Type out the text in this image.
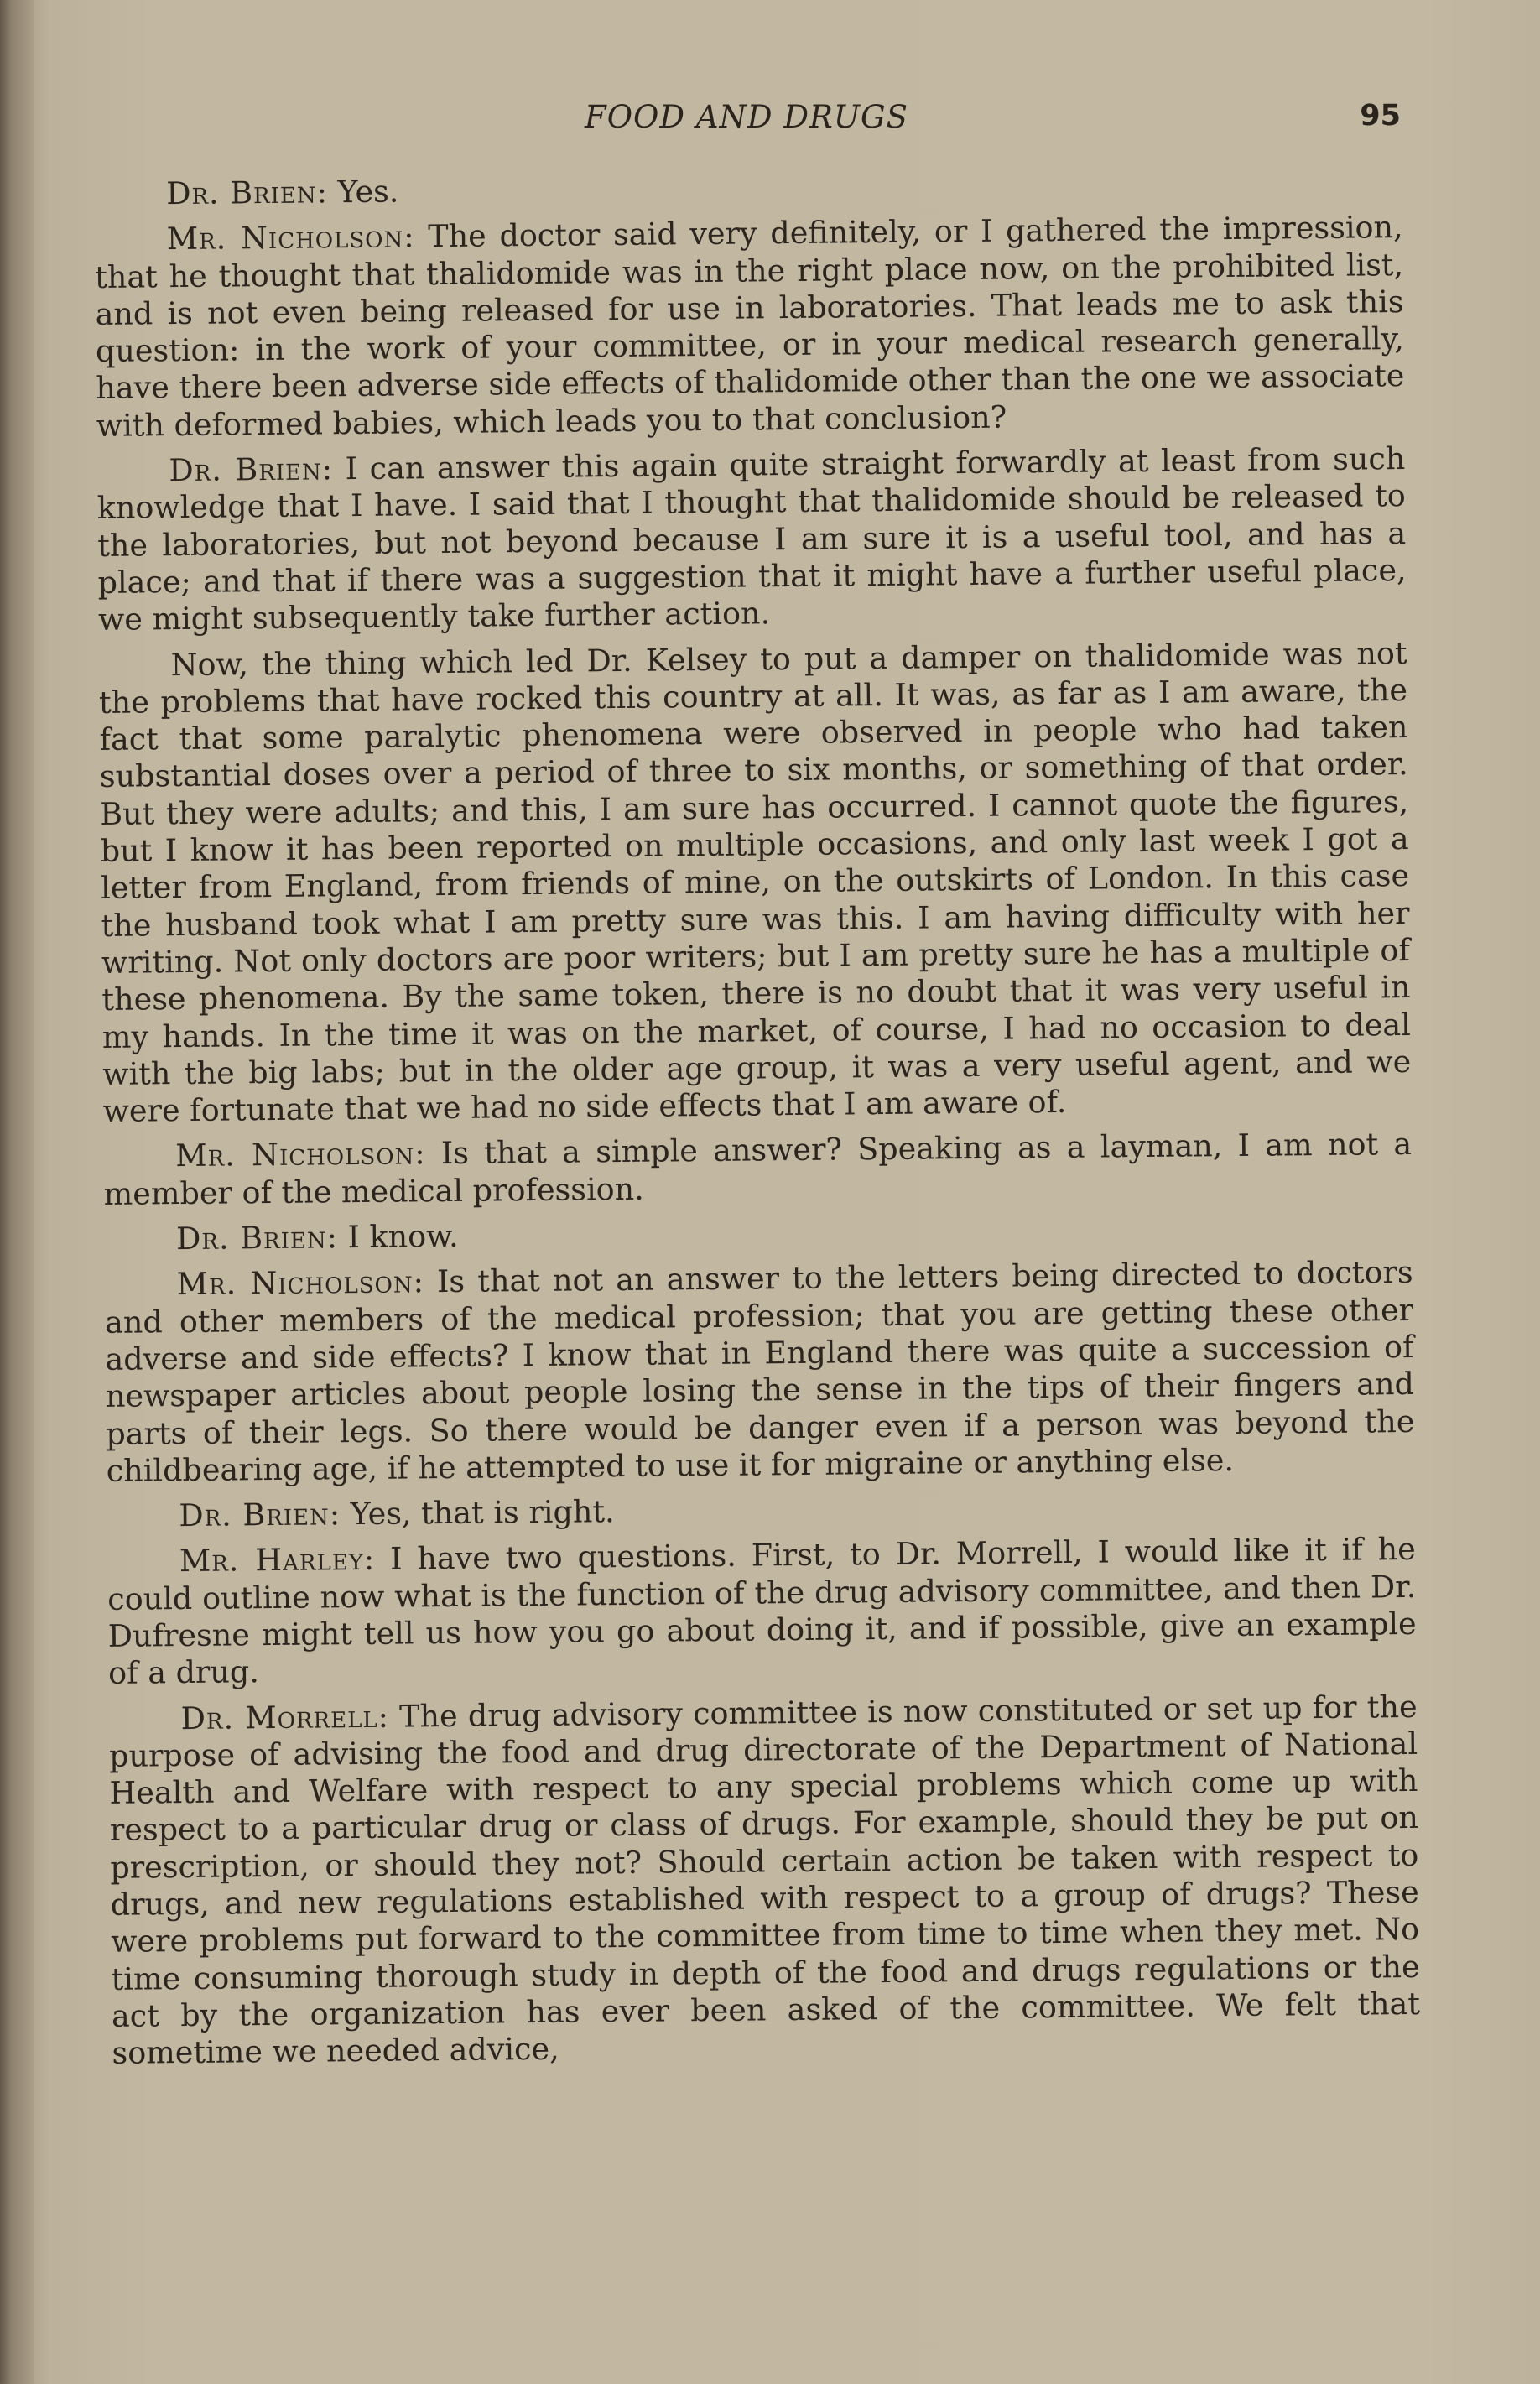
FOOD AND DRUGS	95

Dr. Brien: Yes.

Mr. Nicholson: The doctor said very definitely, or I gathered the impression, that he thought that thalidomide was in the right place now, on the prohibited list, and is not even being released for use in laboratories. That leads me to ask this question: in the work of your committee, or in your medical research generally, have there been adverse side effects of thalidomide other than the one we associate with deformed babies, which leads you to that conclusion?

Dr. Brien: I can answer this again quite straight forwardly at least from such knowledge that I have. I said that I thought that thalidomide should be released to the laboratories, but not beyond because I am sure it is a useful tool, and has a place; and that if there was a suggestion that it might have a further useful place, we might subsequently take further action.

Now, the thing which led Dr. Kelsey to put a damper on thalidomide was not the problems that have rocked this country at all. It was, as far as I am aware, the fact that some paralytic phenomena were observed in people who had taken substantial doses over a period of three to six months, or something of that order. But they were adults; and this, I am sure has occurred. I cannot quote the figures, but I know it has been reported on multiple occasions, and only last week I got a letter from England, from friends of mine, on the outskirts of London. In this case the husband took what I am pretty sure was this. I am having difficulty with her writing. Not only doctors are poor writers; but I am pretty sure he has a multiple of these phenomena. By the same token, there is no doubt that it was very useful in my hands. In the time it was on the market, of course, I had no occasion to deal with the big labs; but in the older age group, it was a very useful agent, and we were fortunate that we had no side effects that I am aware of.

Mr. Nicholson: Is that a simple answer? Speaking as a layman, I am not a member of the medical profession.

Dr. Brien: I know.

Mr. Nicholson: Is that not an answer to the letters being directed to doctors and other members of the medical profession; that you are getting these other adverse and side effects? I know that in England there was quite a succession of newspaper articles about people losing the sense in the tips of their fingers and parts of their legs. So there would be danger even if a person was beyond the childbearing age, if he attempted to use it for migraine or anything else.

Dr. Brien: Yes, that is right.

Mr. Harley: I have two questions. First, to Dr. Morrell, I would like it if he could outline now what is the function of the drug advisory committee, and then Dr. Dufresne might tell us how you go about doing it, and if possible, give an example of a drug.

Dr. Morrell: The drug advisory committee is now constituted or set up for the purpose of advising the food and drug directorate of the Department of National Health and Welfare with respect to any special problems which come up with respect to a particular drug or class of drugs. For example, should they be put on prescription, or should they not? Should certain action be taken with respect to drugs, and new regulations established with respect to a group of drugs? These were problems put forward to the committee from time to time when they met. No time consuming thorough study in depth of the food and drugs regulations or the act by the organization has ever been asked of the committee. We felt that sometime we needed advice,
